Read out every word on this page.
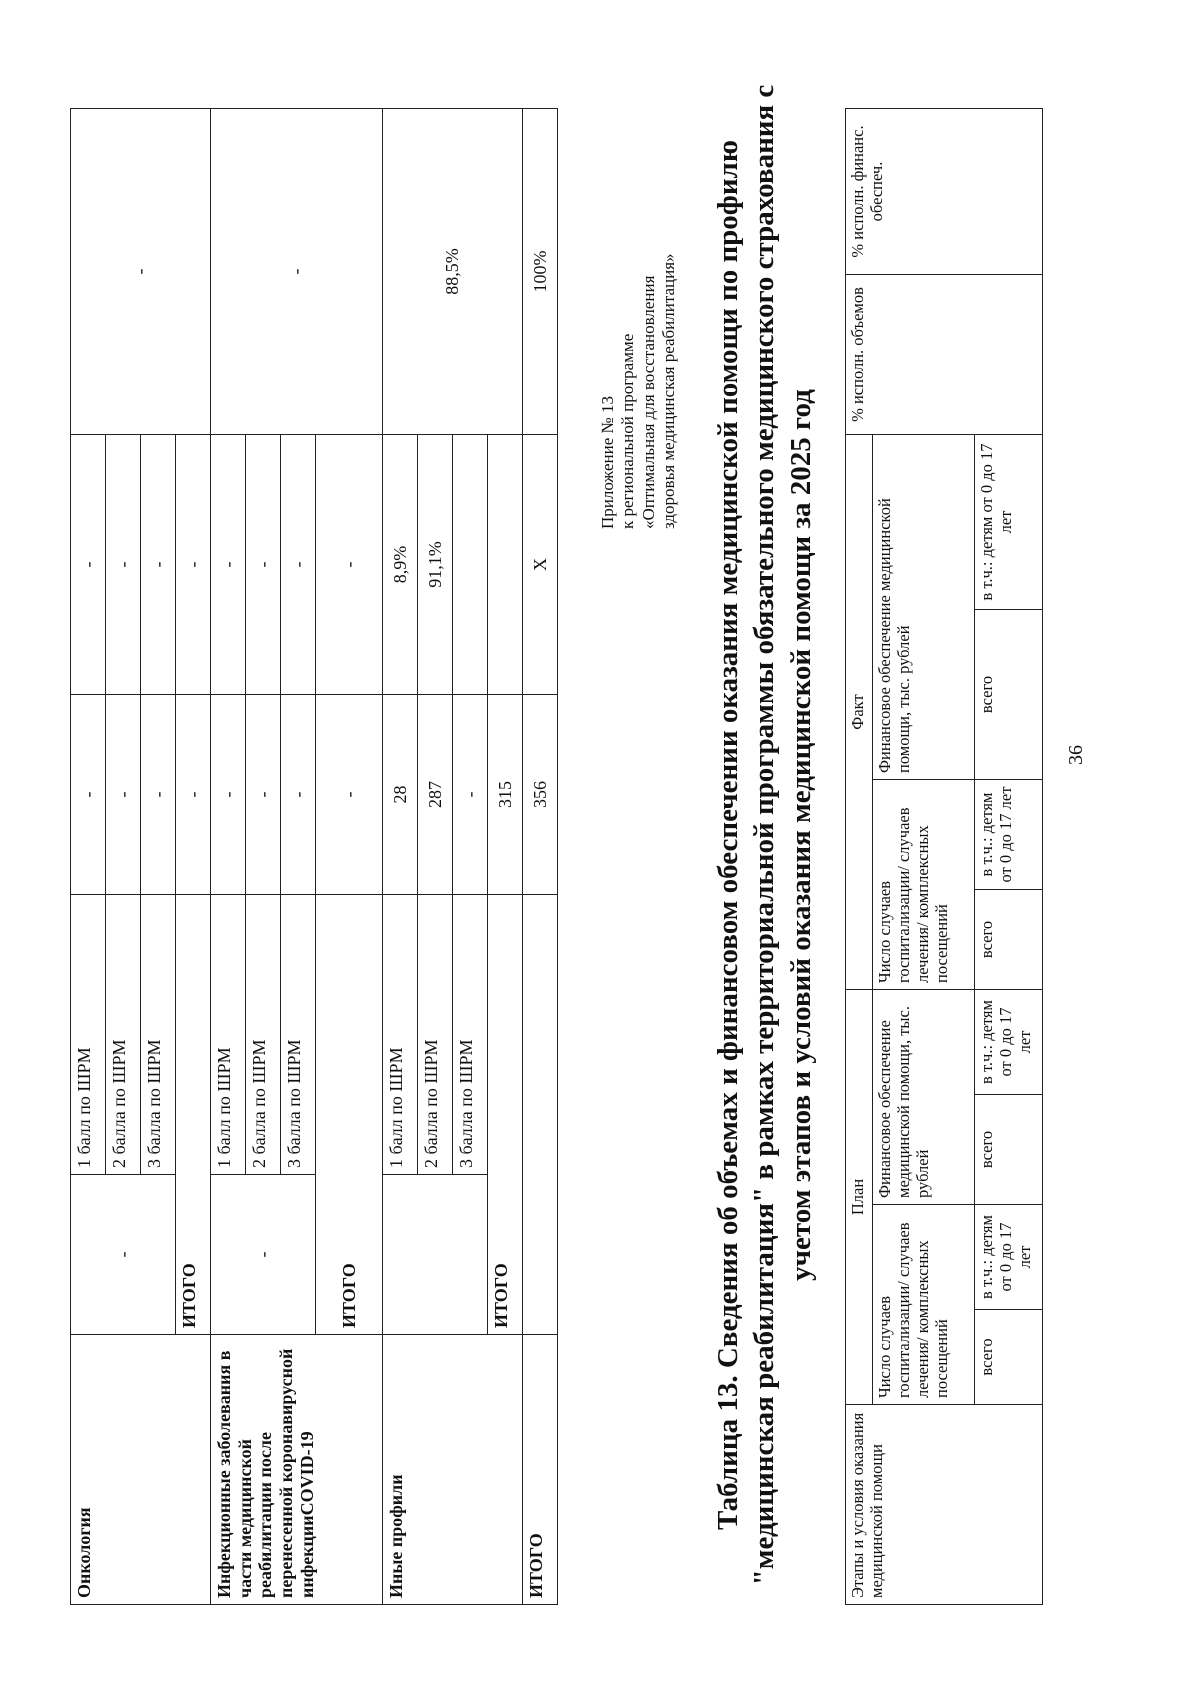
Онкология	-	1 балл по ШРМ	-	-	-
		2 балла по ШРМ	-	-	
		3 балла по ШРМ	-	-	
	ИТОГО		-	-	
Инфекционные заболевания в части медицинской реабилитации после перенесенной коронавирусной инфекцииCOVID-19	-	1 балл по ШРМ	-	-	-
		2 балла по ШРМ	-	-	
		3 балла по ШРМ	-	-	
	ИТОГО		-	-	
Иные профили		1 балл по ШРМ	28	8,9%	88,5%
		2 балла по ШРМ	287	91,1%	
		3 балла по ШРМ	-		
	ИТОГО		315		
ИТОГО			356	X	100%
Приложение № 13 к региональной программе «Оптимальная для восстановления здоровья медицинская реабилитация» Таблица 13. Сведения об объемах и финансовом обеспечении оказания медицинской помощи по профилю "медицинская реабилитация" в рамках территориальной программы обязательного медицинского страхования с учетом этапов и условий оказания медицинской помощи за 2025 год
Этапы и условия оказания медицинской помощи	План				Факт				% исполн. объемов	% исполн. финанс. обеспеч.
	Число случаев госпитализации/ случаев лечения/ комплексных посещений		Финансовое обеспечение медицинской помощи, тыс. рублей		Число случаев госпитализации/ случаев лечения/ комплексных посещений		Финансовое обеспечение медицинской помощи, тыс. рублей			
	всего	в т.ч.: детям от 0 до 17 лет	всего	в т.ч.: детям от 0 до 17 лет	всего	в т.ч.: детям от 0 до 17 лет	всего	в т.ч.: детям от 0 до 17 лет		
36
